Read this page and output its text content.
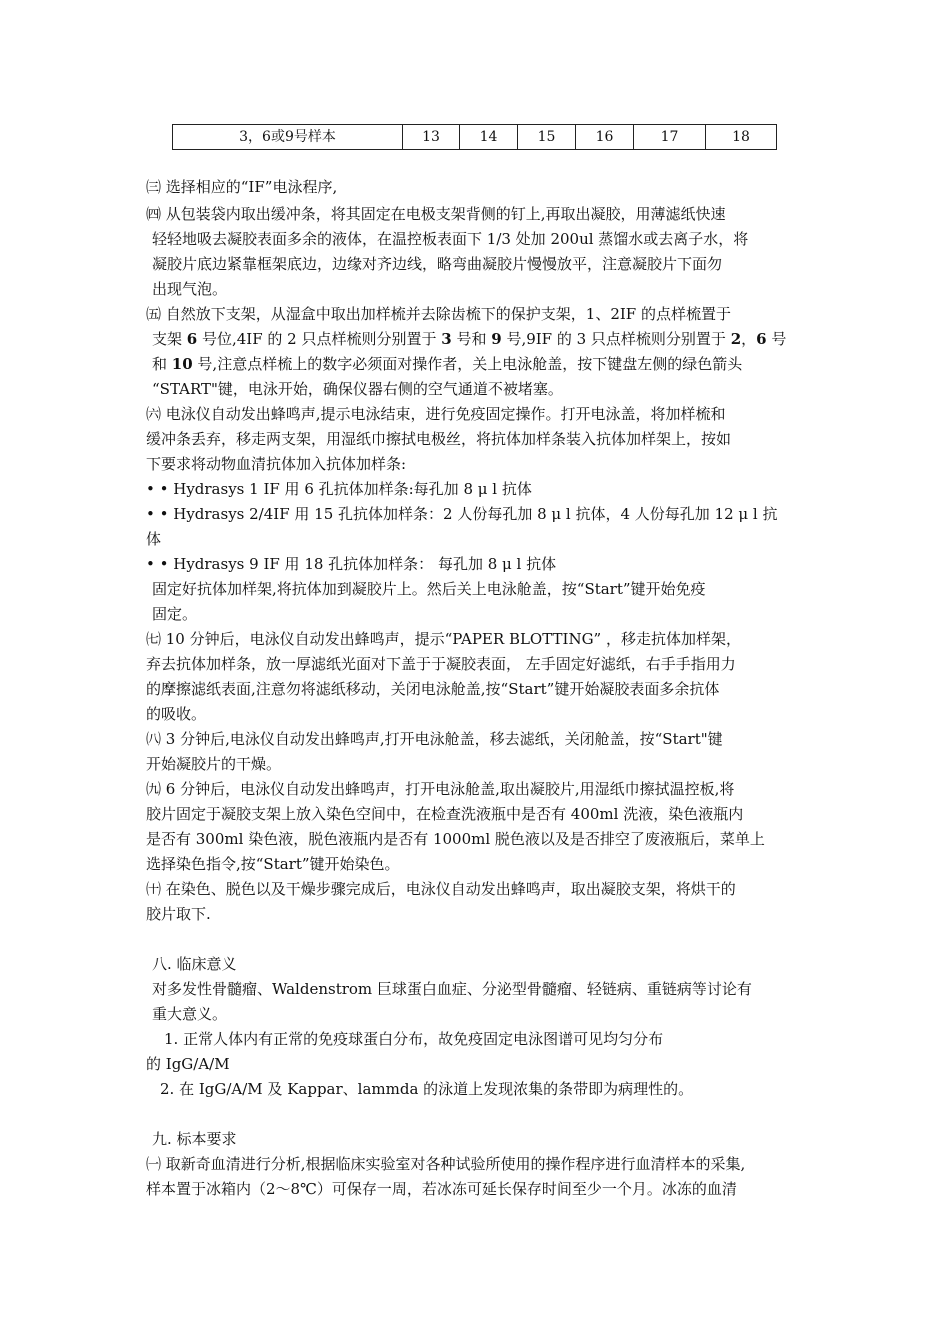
3，6或9号样本	13	14	15	16	17	18
㈢ 选择相应的“IF”电泳程序,
㈣ 从包装袋内取出缓冲条，将其固定在电极支架背侧的钉上,再取出凝胶，用薄滤纸快速
轻轻地吸去凝胶表面多余的液体，在温控板表面下 1/3 处加 200ul 蒸馏水或去离子水，将
凝胶片底边紧靠框架底边，边缘对齐边线，略弯曲凝胶片慢慢放平，注意凝胶片下面勿
出现气泡。
㈤ 自然放下支架，从湿盒中取出加样梳并去除齿梳下的保护支架，1、2IF 的点样梳置于
支架 6 号位,4IF 的 2 只点样梳则分别置于 3 号和 9 号,9IF 的 3 只点样梳则分别置于 2，6 号
和 10 号,注意点样梳上的数字必须面对操作者，关上电泳舱盖，按下键盘左侧的绿色箭头
“START"键，电泳开始，确保仪器右侧的空气通道不被堵塞。
㈥ 电泳仪自动发出蜂鸣声,提示电泳结束，进行免疫固定操作。打开电泳盖，将加样梳和
缓冲条丢弃，移走两支架，用湿纸巾擦拭电极丝，将抗体加样条装入抗体加样架上，按如
下要求将动物血清抗体加入抗体加样条:
• • Hydrasys 1 IF 用 6 孔抗体加样条:每孔加 8 μ l 抗体
• • Hydrasys 2/4IF 用 15 孔抗体加样条：2 人份每孔加 8 μ l 抗体，4 人份每孔加 12 μ l 抗
体
• • Hydrasys 9 IF 用 18 孔抗体加样条： 每孔加 8 μ l 抗体
固定好抗体加样架,将抗体加到凝胶片上。然后关上电泳舱盖，按“Start”键开始免疫
固定。
㈦ 10 分钟后，电泳仪自动发出蜂鸣声，提示“PAPER BLOTTING” ，移走抗体加样架，
弃去抗体加样条，放一厚滤纸光面对下盖于于凝胶表面， 左手固定好滤纸，右手手指用力
的摩擦滤纸表面,注意勿将滤纸移动，关闭电泳舱盖,按“Start”键开始凝胶表面多余抗体
的吸收。
㈧ 3 分钟后,电泳仪自动发出蜂鸣声,打开电泳舱盖，移去滤纸，关闭舱盖，按“Start"键
开始凝胶片的干燥。
㈨ 6 分钟后，电泳仪自动发出蜂鸣声，打开电泳舱盖,取出凝胶片,用湿纸巾擦拭温控板,将
胶片固定于凝胶支架上放入染色空间中，在检查洗液瓶中是否有 400ml 洗液，染色液瓶内
是否有 300ml 染色液，脱色液瓶内是否有 1000ml 脱色液以及是否排空了废液瓶后，菜单上
选择染色指令,按“Start”键开始染色。
㈩ 在染色、脱色以及干燥步骤完成后，电泳仪自动发出蜂鸣声，取出凝胶支架，将烘干的
胶片取下.
八. 临床意义
对多发性骨髓瘤、Waldenstrom 巨球蛋白血症、分泌型骨髓瘤、轻链病、重链病等讨论有
重大意义。
1. 正常人体内有正常的免疫球蛋白分布，故免疫固定电泳图谱可见均匀分布
的 IgG/A/M
2. 在 IgG/A/M 及 Kappar、lammda 的泳道上发现浓集的条带即为病理性的。
九. 标本要求
㈠ 取新奇血清进行分析,根据临床实验室对各种试验所使用的操作程序进行血清样本的采集,
样本置于冰箱内（2～8℃）可保存一周，若冰冻可延长保存时间至少一个月。冰冻的血清
